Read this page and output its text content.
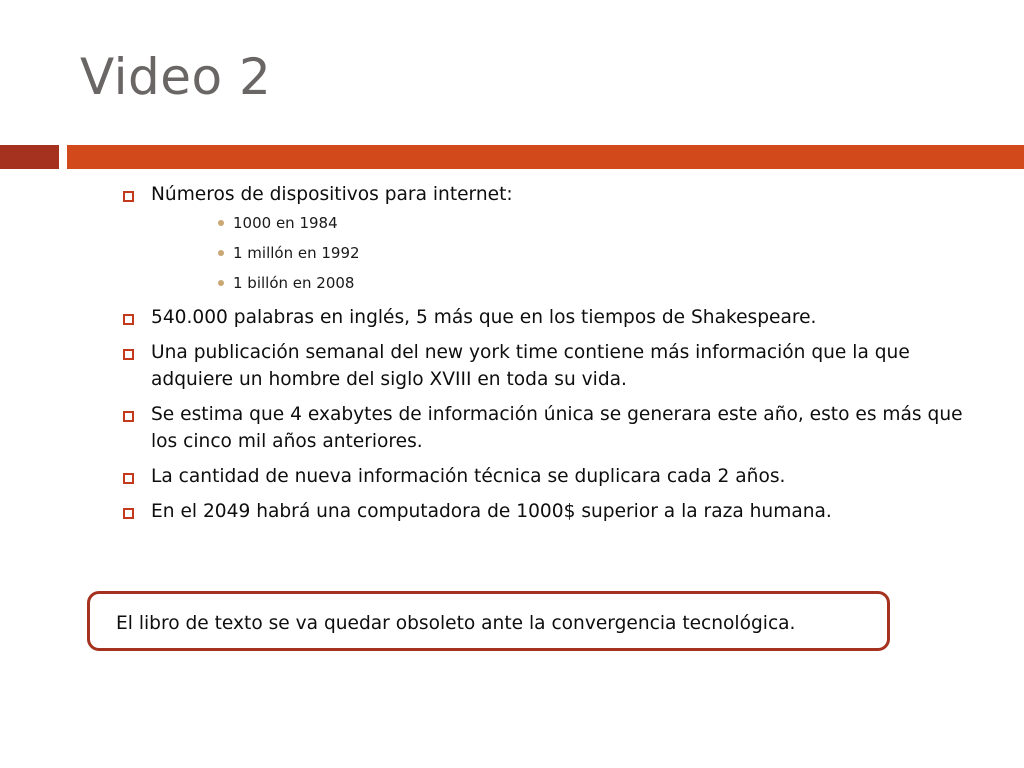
Video 2
Números de dispositivos para internet:
1000 en 1984
1 millón en 1992
1 billón en 2008
540.000 palabras en inglés, 5 más que en los tiempos de Shakespeare.
Una publicación semanal del new york time contiene más información que la que adquiere un hombre del siglo XVIII en toda su vida.
Se estima que 4 exabytes de información única se generara este año, esto es más que los cinco mil años anteriores.
La cantidad de nueva información técnica se duplicara cada 2 años.
En el 2049 habrá una computadora de 1000$ superior a la raza humana.
El libro de texto se va quedar obsoleto ante la convergencia tecnológica.
